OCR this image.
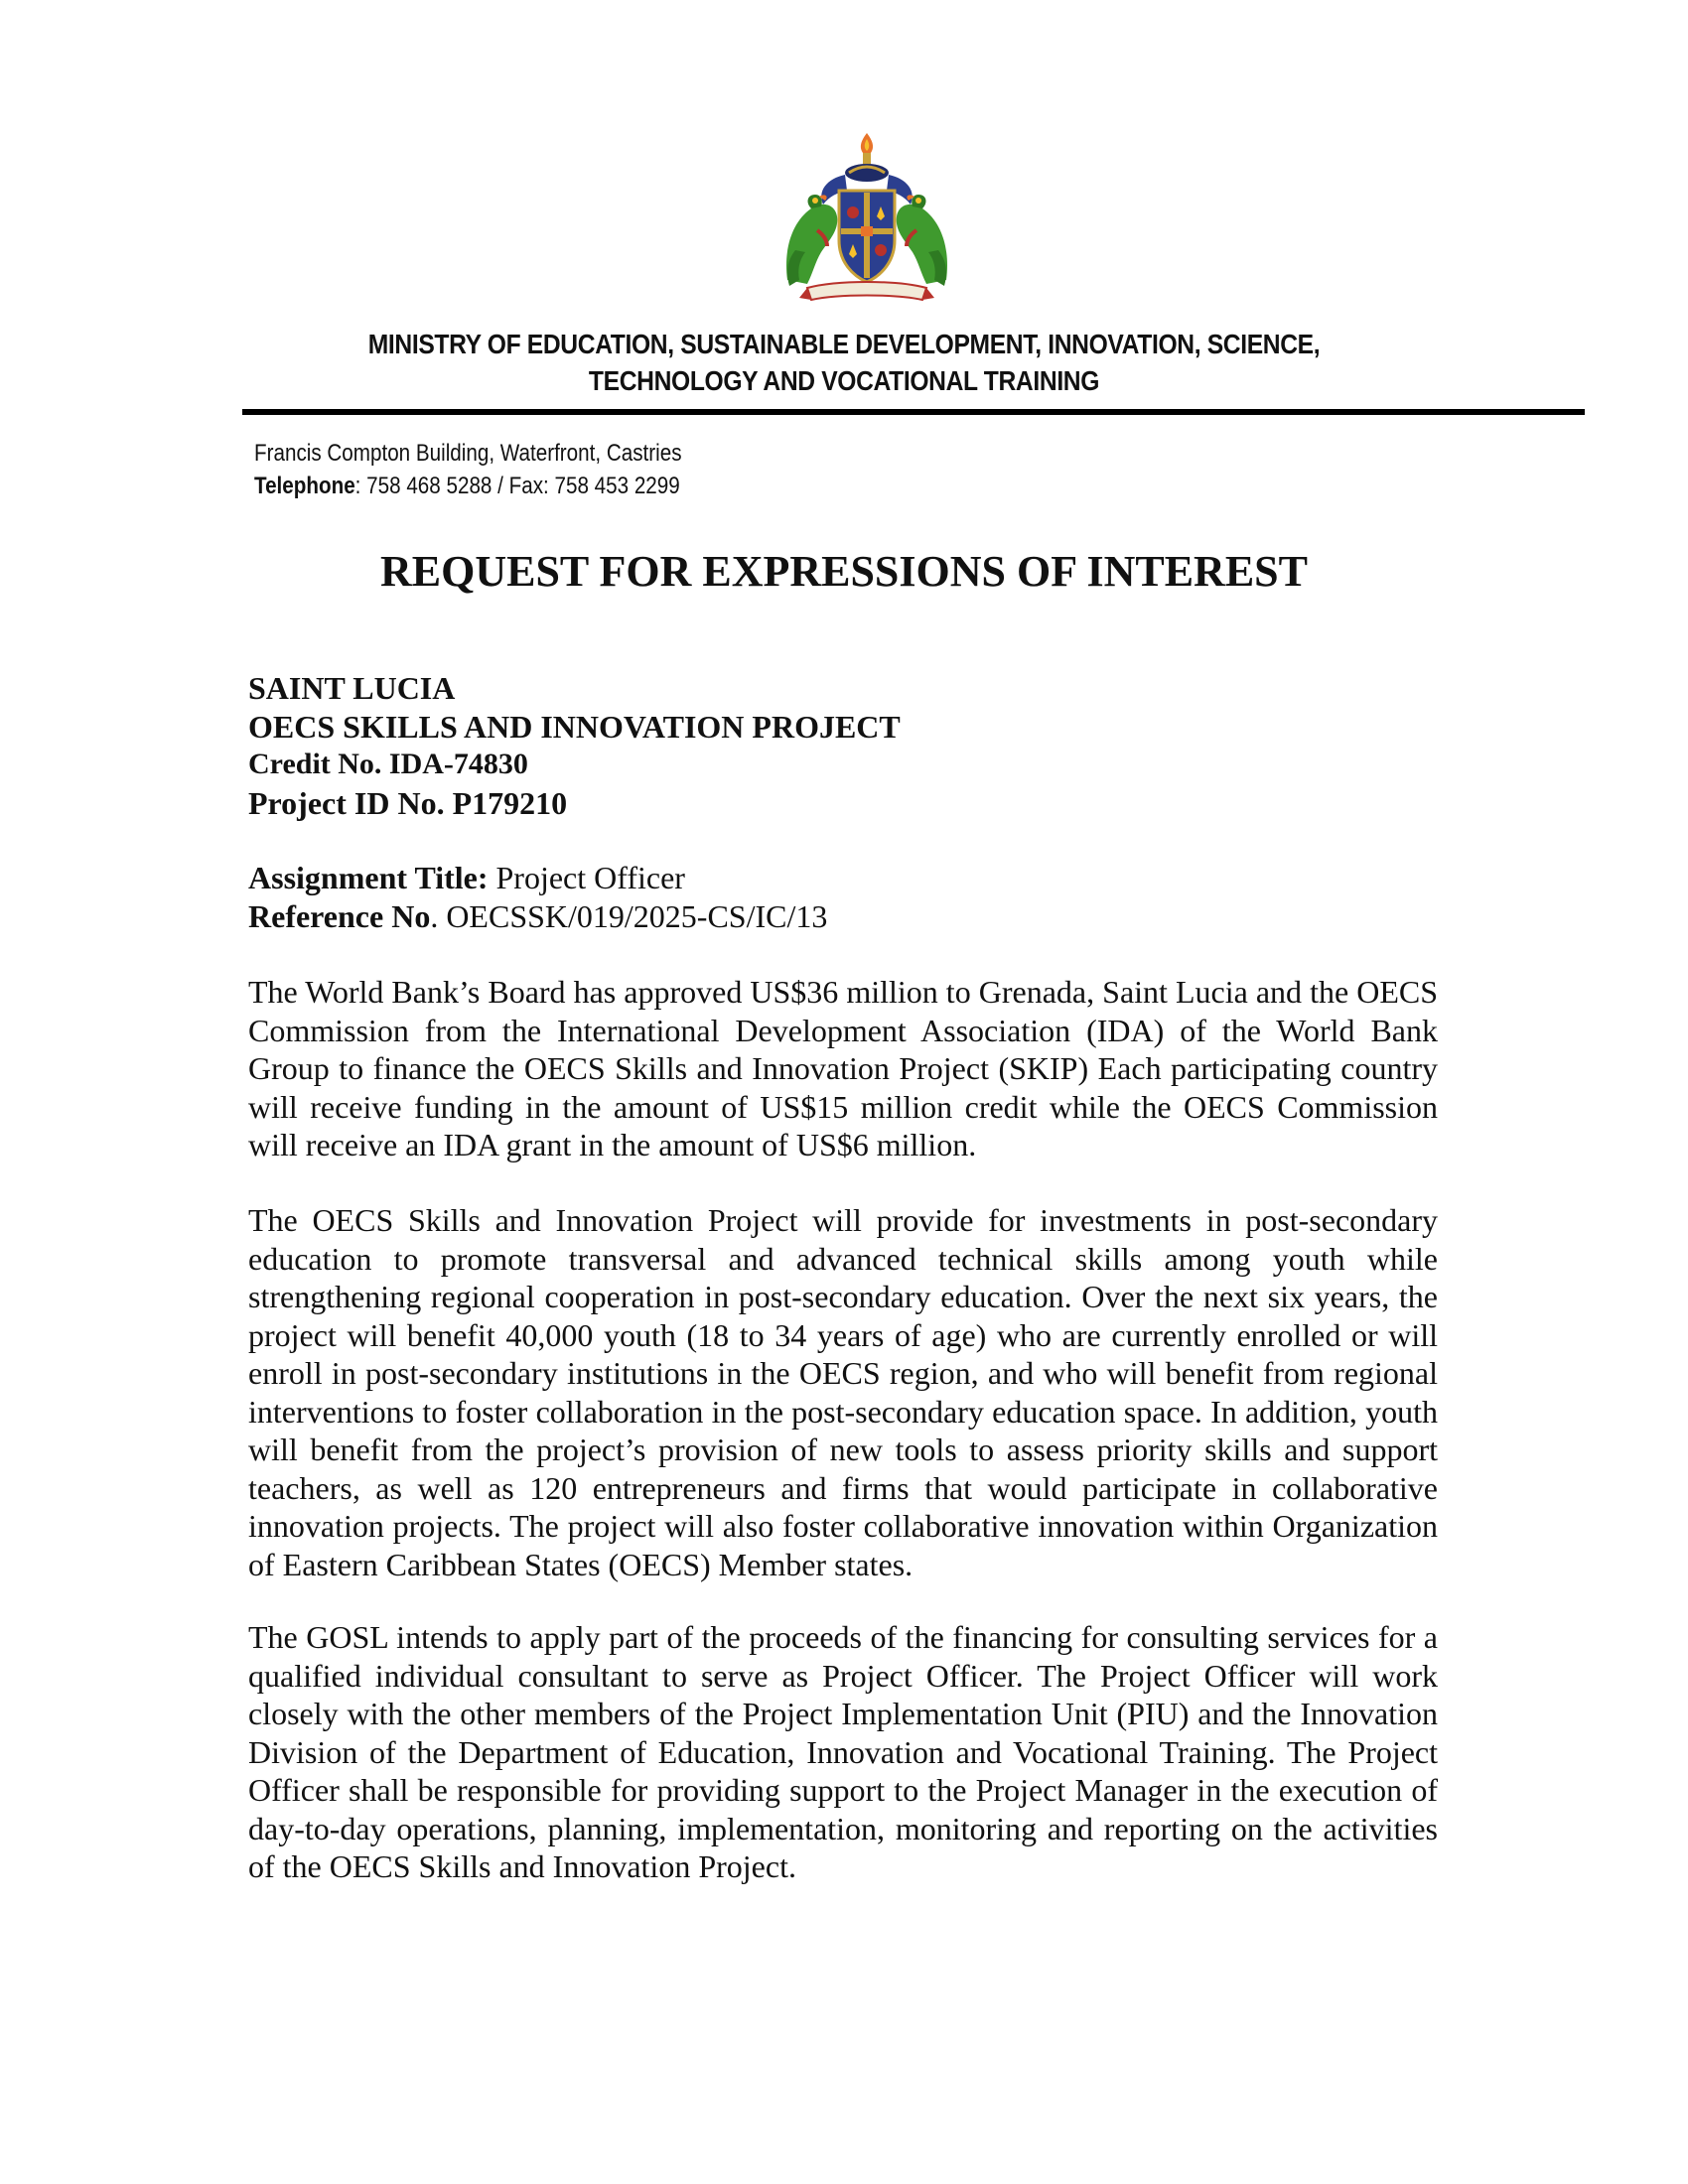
MINISTRY OF EDUCATION, SUSTAINABLE DEVELOPMENT, INNOVATION, SCIENCE,
TECHNOLOGY AND VOCATIONAL TRAINING
Francis Compton Building, Waterfront, Castries
Telephone: 758 468 5288 / Fax: 758 453 2299
REQUEST FOR EXPRESSIONS OF INTEREST
SAINT LUCIA
OECS SKILLS AND INNOVATION PROJECT
Credit No. IDA-74830
Project ID No. P179210
Assignment Title: Project Officer
Reference No. OECSSK/019/2025-CS/IC/13
The World Bank’s Board has approved US$36 million to Grenada, Saint Lucia and the OECS Commission from the International Development Association (IDA) of the World Bank Group to finance the OECS Skills and Innovation Project (SKIP) Each participating country will receive funding in the amount of US$15 million credit while the OECS Commission will receive an IDA grant in the amount of US$6 million.
The OECS Skills and Innovation Project will provide for investments in post-secondary education to promote transversal and advanced technical skills among youth while strengthening regional cooperation in post-secondary education. Over the next six years, the project will benefit 40,000 youth (18 to 34 years of age) who are currently enrolled or will enroll in post-secondary institutions in the OECS region, and who will benefit from regional interventions to foster collaboration in the post-secondary education space. In addition, youth will benefit from the project’s provision of new tools to assess priority skills and support teachers, as well as 120 entrepreneurs and firms that would participate in collaborative innovation projects. The project will also foster collaborative innovation within Organization of Eastern Caribbean States (OECS) Member states.
The GOSL intends to apply part of the proceeds of the financing for consulting services for a qualified individual consultant to serve as Project Officer. The Project Officer will work closely with the other members of the Project Implementation Unit (PIU) and the Innovation Division of the Department of Education, Innovation and Vocational Training. The Project Officer shall be responsible for providing support to the Project Manager in the execution of day-to-day operations, planning, implementation, monitoring and reporting on the activities of the OECS Skills and Innovation Project.
